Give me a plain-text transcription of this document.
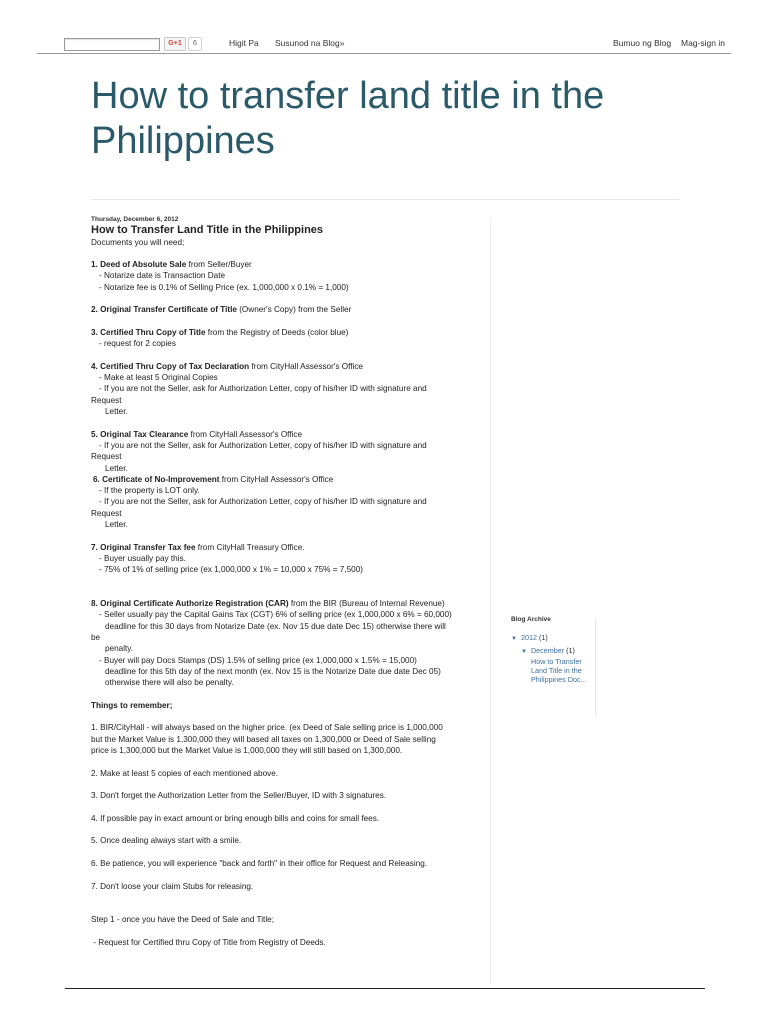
G+1	6	Higit Pa Susunod na Blog»	Bumuo ng Blog Mag-sign in
How to transfer land title in the Philippines

Thursday, December 6, 2012

How to Transfer Land Title in the Philippines

Documents you will need;

1. Deed of Absolute Sale from Seller/Buyer

- Notarize date is Transaction Date

- Notarize fee is 0.1% of Selling Price (ex. 1,000,000 x 0.1% = 1,000)

2. Original Transfer Certificate of Title (Owner's Copy) from the Seller

3. Certified Thru Copy of Title from the Registry of Deeds (color blue)

- request for 2 copies

4. Certified Thru Copy of Tax Declaration from CityHall Assessor's Office

- Make at least 5 Original Copies

- If you are not the Seller, ask for Authorization Letter, copy of his/her ID with signature and

Request

Letter.

5. Original Tax Clearance from CityHall Assessor's Office

- If you are not the Seller, ask for Authorization Letter, copy of his/her ID with signature and

Request

Letter.

6. Certificate of No-Improvement from CityHall Assessor's Office

- If the property is LOT only.

- If you are not the Seller, ask for Authorization Letter, copy of his/her ID with signature and

Request

Letter.

7. Original Transfer Tax fee from CityHall Treasury Office.

- Buyer usually pay this.

- 75% of 1% of selling price (ex 1,000,000 x 1% = 10,000 x 75% = 7,500)

8. Original Certificate Authorize Registration (CAR) from the BIR (Bureau of Internal Revenue)

- Seller usually pay the Capital Gains Tax (CGT) 6% of selling price (ex 1,000,000 x 6% = 60,000)

deadline for this 30 days from Notarize Date (ex. Nov 15 due date Dec 15) otherwise there will

be

penalty.

- Buyer will pay Docs Stamps (DS) 1.5% of selling price (ex 1,000,000 x 1.5% = 15,000)

deadline for this 5th day of the next month (ex. Nov 15 is the Notarize Date due date Dec 05)

otherwise there will also be penalty.

Things to remember;

1. BIR/CityHall - will always based on the higher price. (ex Deed of Sale selling price is 1,000,000

but the Market Value is 1,300,000 they will based all taxes on 1,300,000 or Deed of Sale selling

price is 1,300,000 but the Market Value is 1,000,000 they will still based on 1,300,000.

2. Make at least 5 copies of each mentioned above.

3. Don't forget the Authorization Letter from the Seller/Buyer, ID with 3 signatures.

4. If possible pay in exact amount or bring enough bills and coins for small fees.

5. Once dealing always start with a smile.

6. Be patience, you will experience "back and forth" in their office for Request and Releasing.

7. Don't loose your claim Stubs for releasing.

Step 1 - once you have the Deed of Sale and Title;

- Request for Certified thru Copy of Title from Registry of Deeds.

Blog Archive

▼ 2012 (1)
▼ December (1)
How to Transfer Land Title in the Philippines Doc...
